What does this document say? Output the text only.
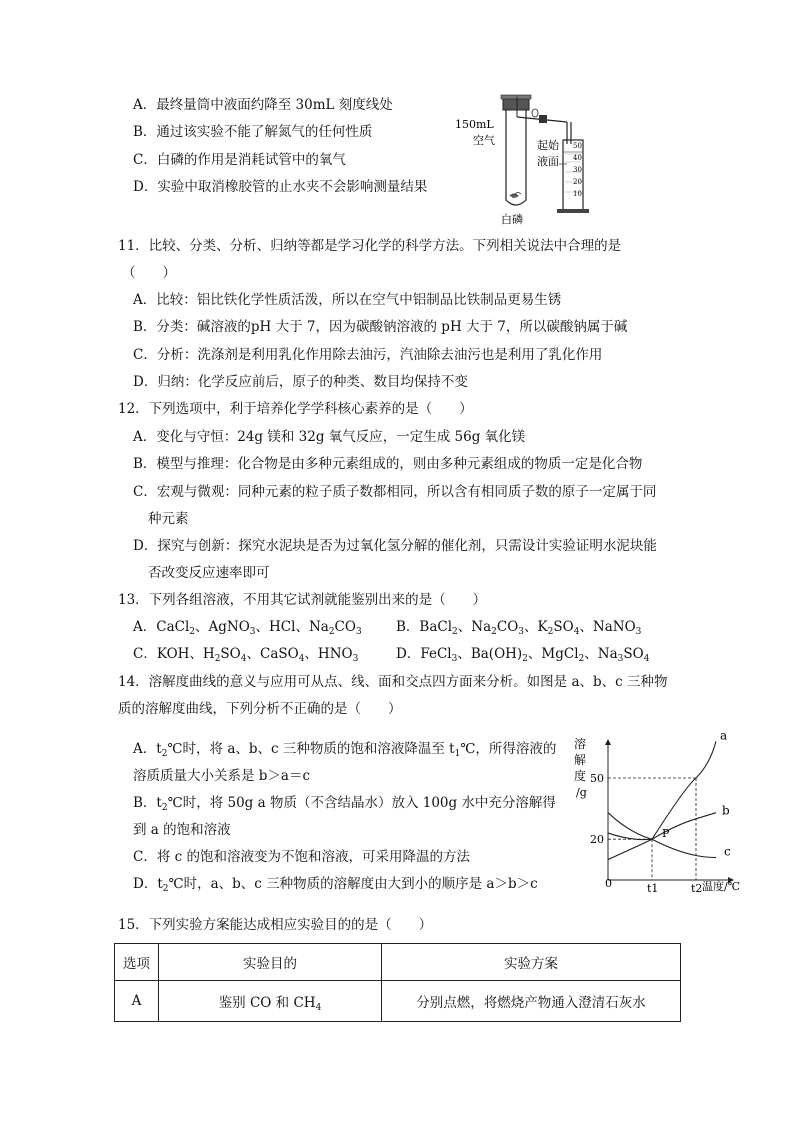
A．最终量筒中液面约降至 30mL 刻度线处
B．通过该实验不能了解氮气的任何性质
C．白磷的作用是消耗试管中的氧气
D．实验中取消橡胶管的止水夹不会影响测量结果
50
40
30
20
10
150mL
空气	起始
液面
白磷
11．比较、分类、分析、归纳等都是学习化学的科学方法。下列相关说法中合理的是
（　　）
A．比较：铝比铁化学性质活泼，所以在空气中铝制品比铁制品更易生锈
B．分类：碱溶液的pH 大于 7，因为碳酸钠溶液的 pH 大于 7，所以碳酸钠属于碱
C．分析：洗涤剂是利用乳化作用除去油污，汽油除去油污也是利用了乳化作用
D．归纳：化学反应前后，原子的种类、数目均保持不变
12．下列选项中，利于培养化学学科核心素养的是（　　）
A．变化与守恒：24g 镁和 32g 氧气反应，一定生成 56g 氧化镁
B．模型与推理：化合物是由多种元素组成的，则由多种元素组成的物质一定是化合物
C．宏观与微观：同种元素的粒子质子数都相同，所以含有相同质子数的原子一定属于同
种元素
D．探究与创新：探究水泥块是否为过氧化氢分解的催化剂，只需设计实验证明水泥块能
否改变反应速率即可
13．下列各组溶液，不用其它试剂就能鉴别出来的是（　　）
A．CaCl$_2$、AgNO$_3$、HCl、$Na_2CO_3$	B．BaCl$_2$、$Na_2CO_3$、$K_2SO_4$、NaNO$_3$
C．KOH、$H_2SO_4$、CaSO$_4$、$HNO_3$	D．FeCl$_3$、$Ba(OH)_2$、MgCl$_2$、$Na_3SO_4$
14．溶解度曲线的意义与应用可从点、线、面和交点四方面来分析。如图是 a、b、c 三种物
质的溶解度曲线，下列分析不正确的是（　　）
A．$t_2℃$时，将 a、b、c 三种物质的饱和溶液降温至 $t_1℃$，所得溶液的
溶质质量大小关系是 b＞a＝c
B．$t_2℃$时，将 50g a 物质（不含结晶水）放入 100g 水中充分溶解得
到 a 的饱和溶液
C．将 c 的饱和溶液变为不饱和溶液，可采用降温的方法
D．$t_2℃$时，a、b、c 三种物质的溶解度由大到小的顺序是 a＞b＞c
溶
解
度
/g
0	温度/℃
20
50
t1	t2
a
b
c
P
15．下列实验方案能达成相应实验目的的是（　　）
选项	实验目的	实验方案
A	鉴别 CO 和 $CH_4$	分别点燃，将燃烧产物通入澄清石灰水
